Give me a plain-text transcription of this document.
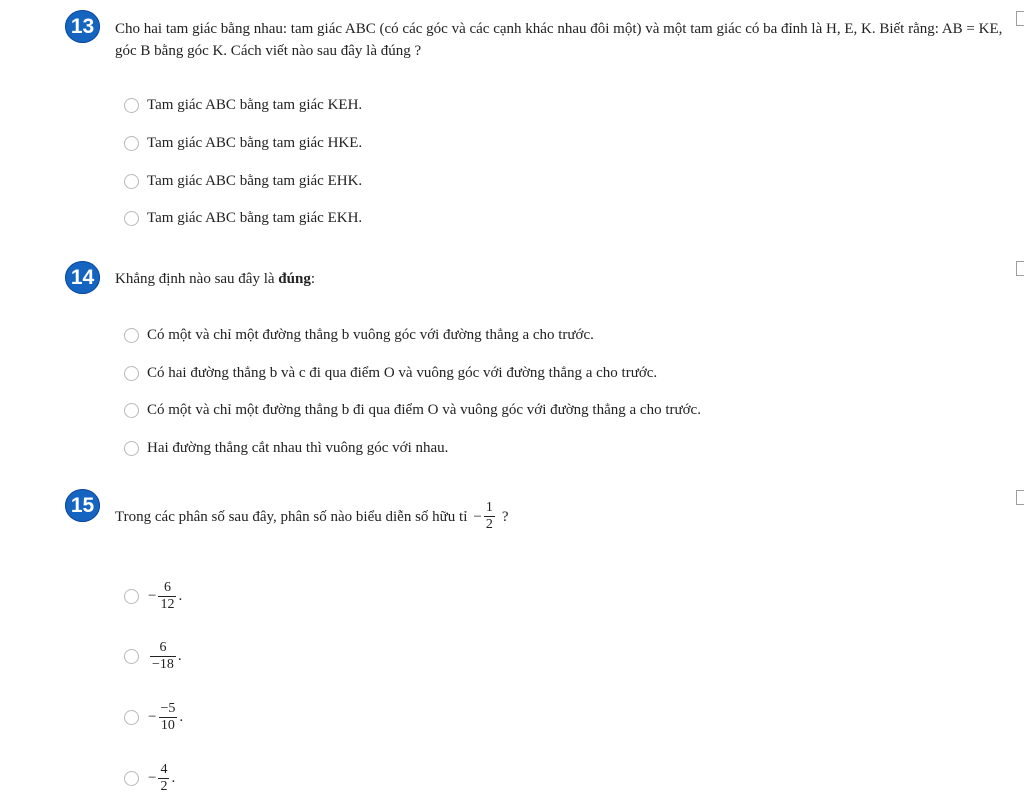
13	Cho hai tam giác bằng nhau: tam giác ABC (có các góc và các cạnh khác nhau đôi một) và một tam giác có ba đỉnh là H, E, K. Biết rằng: AB = KE,
góc B bằng góc K. Cách viết nào sau đây là đúng ?
Tam giác ABC bằng tam giác KEH.
Tam giác ABC bằng tam giác HKE.
Tam giác ABC bằng tam giác EHK.
Tam giác ABC bằng tam giác EKH.
14	Khẳng định nào sau đây là đúng:
Có một và chỉ một đường thẳng b vuông góc với đường thẳng a cho trước.
Có hai đường thẳng b và c đi qua điểm O và vuông góc với đường thẳng a cho trước.
Có một và chỉ một đường thẳng b đi qua điểm O và vuông góc với đường thẳng a cho trước.
Hai đường thẳng cắt nhau thì vuông góc với nhau.
15	Trong các phân số sau đây, phân số nào biểu diễn số hữu tỉ − $\frac{1}{2}$ ?
− $\frac{6}{12}$ .
$\frac{6}{-18}$ .
− $\frac{-5}{10}$ .
− $\frac{4}{2}$ .
